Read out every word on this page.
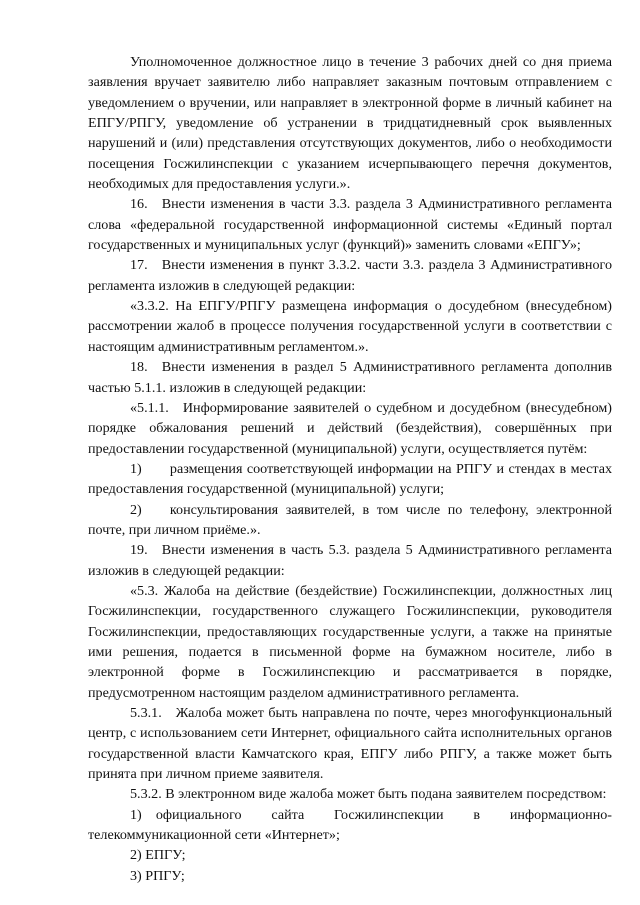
Уполномоченное должностное лицо в течение 3 рабочих дней со дня приема заявления вручает заявителю либо направляет заказным почтовым отправлением с уведомлением о вручении, или направляет в электронной форме в личный кабинет на ЕПГУ/РПГУ, уведомление об устранении в тридцатидневный срок выявленных нарушений и (или) представления отсутствующих документов, либо о необходимости посещения Госжилинспекции с указанием исчерпывающего перечня документов, необходимых для предоставления услуги.».

16. Внести изменения в части 3.3. раздела 3 Административного регламента слова «федеральной государственной информационной системы «Единый портал государственных и муниципальных услуг (функций)» заменить словами «ЕПГУ»;

17. Внести изменения в пункт 3.3.2. части 3.3. раздела 3 Административного регламента изложив в следующей редакции:

«3.3.2. На ЕПГУ/РПГУ размещена информация о досудебном (внесудебном) рассмотрении жалоб в процессе получения государственной услуги в соответствии с настоящим административным регламентом.».

18. Внести изменения в раздел 5 Административного регламента дополнив частью 5.1.1. изложив в следующей редакции:

«5.1.1. Информирование заявителей о судебном и досудебном (внесудебном) порядке обжалования решений и действий (бездействия), совершённых при предоставлении государственной (муниципальной) услуги, осуществляется путём:

1)  размещения соответствующей информации на РПГУ и стендах в местах предоставления государственной (муниципальной) услуги;

2)  консультирования заявителей, в том числе по телефону, электронной почте, при личном приёме.».

19. Внести изменения в часть 5.3. раздела 5 Административного регламента изложив в следующей редакции:

«5.3. Жалоба на действие (бездействие) Госжилинспекции, должностных лиц Госжилинспекции, государственного служащего Госжилинспекции, руководителя Госжилинспекции, предоставляющих государственные услуги, а также на принятые ими решения, подается в письменной форме на бумажном носителе, либо в электронной форме в Госжилинспекцию и рассматривается в порядке, предусмотренном настоящим разделом административного регламента.

5.3.1. Жалоба может быть направлена по почте, через многофункциональный центр, с использованием сети Интернет, официального сайта исполнительных органов государственной власти Камчатского края, ЕПГУ либо РПГУ, а также может быть принята при личном приеме заявителя.

5.3.2. В электронном виде жалоба может быть подана заявителем посредством:

1) официального сайта Госжилинспекции в информационно-телекоммуникационной сети «Интернет»;

2) ЕПГУ;

3) РПГУ;
